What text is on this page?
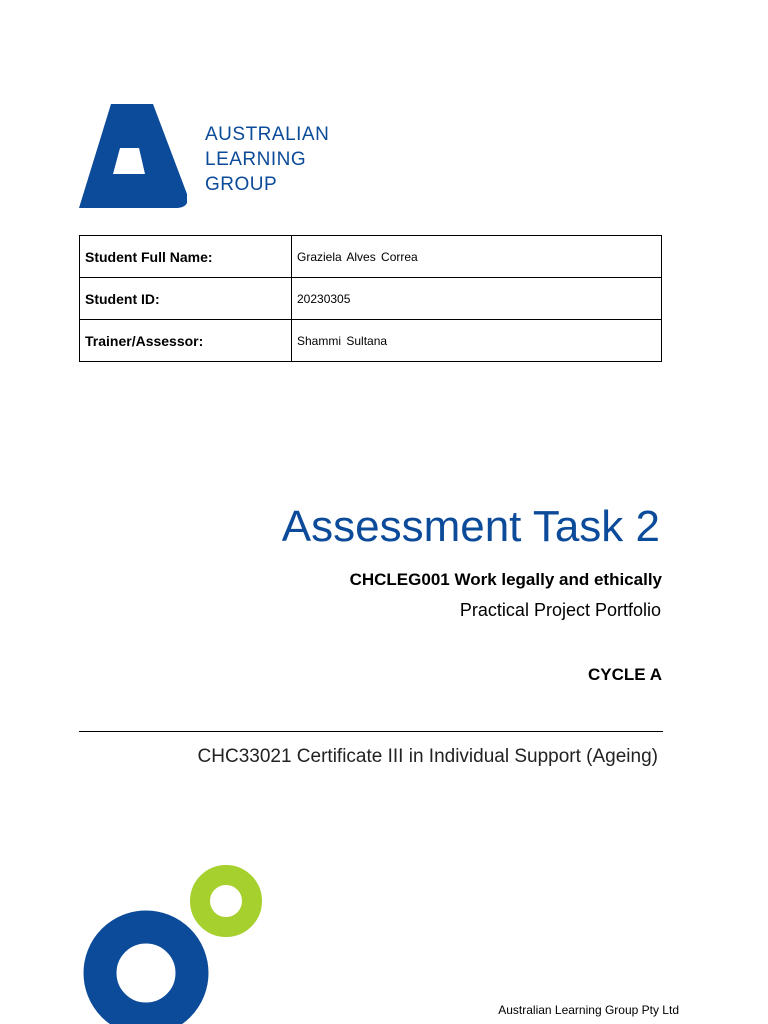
AUSTRALIAN
LEARNING
GROUP
Student Full Name:	Graziela Alves Correa
Student ID:	20230305
Trainer/Assessor:	Shammi Sultana
Assessment Task 2
CHCLEG001 Work legally and ethically
Practical Project Portfolio
CYCLE A
CHC33021 Certificate III in Individual Support (Ageing)
Australian Learning Group Pty Ltd
